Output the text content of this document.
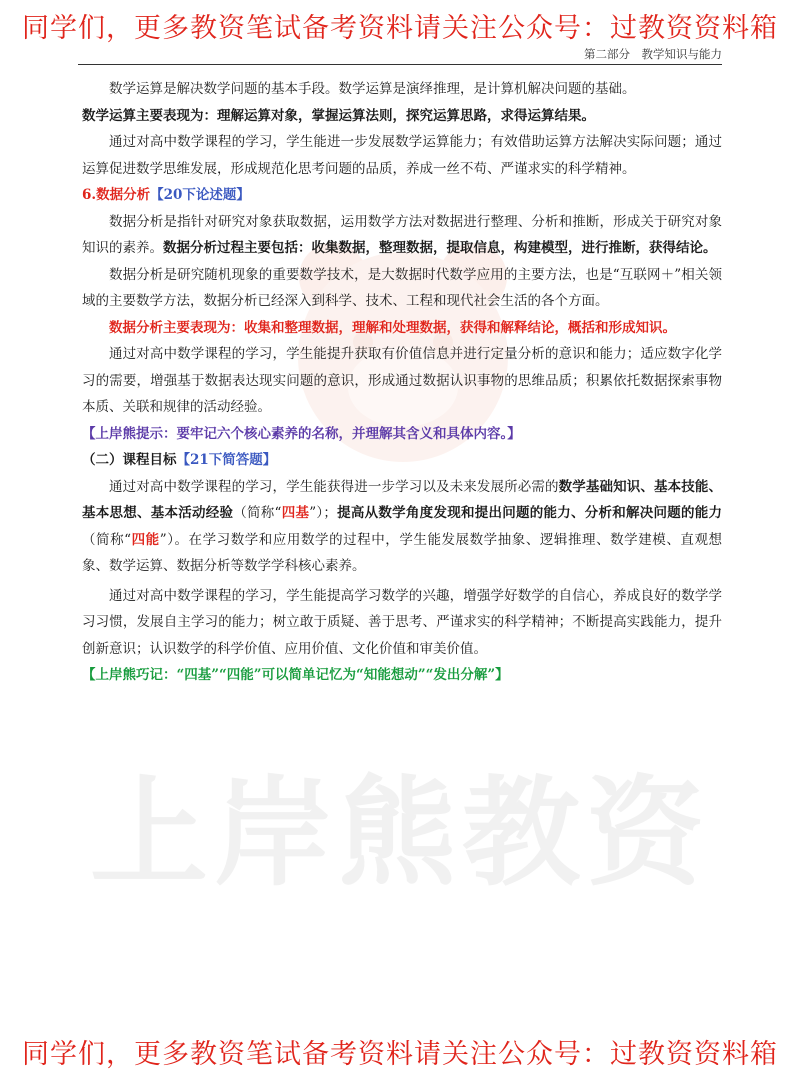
同学们，更多教资笔试备考资料请关注公众号：过教资资料箱
第二部分　教学知识与能力
上岸熊教资

数学运算是解决数学问题的基本手段。数学运算是演绎推理，是计算机解决问题的基础。

数学运算主要表现为：理解运算对象，掌握运算法则，探究运算思路，求得运算结果。

通过对高中数学课程的学习，学生能进一步发展数学运算能力；有效借助运算方法解决实际问题；通过运算促进数学思维发展，形成规范化思考问题的品质，养成一丝不苟、严谨求实的科学精神。

6.数据分析【20下论述题】

数据分析是指针对研究对象获取数据，运用数学方法对数据进行整理、分析和推断，形成关于研究对象知识的素养。数据分析过程主要包括：收集数据，整理数据，提取信息，构建模型，进行推断，获得结论。

数据分析是研究随机现象的重要数学技术，是大数据时代数学应用的主要方法，也是“互联网＋”相关领域的主要数学方法，数据分析已经深入到科学、技术、工程和现代社会生活的各个方面。

数据分析主要表现为：收集和整理数据，理解和处理数据，获得和解释结论，概括和形成知识。

通过对高中数学课程的学习，学生能提升获取有价值信息并进行定量分析的意识和能力；适应数字化学习的需要，增强基于数据表达现实问题的意识，形成通过数据认识事物的思维品质；积累依托数据探索事物本质、关联和规律的活动经验。

【上岸熊提示：要牢记六个核心素养的名称，并理解其含义和具体内容。】

（二）课程目标【21下简答题】

通过对高中数学课程的学习，学生能获得进一步学习以及未来发展所必需的数学基础知识、基本技能、基本思想、基本活动经验（简称“四基”）；提高从数学角度发现和提出问题的能力、分析和解决问题的能力（简称“四能”）。在学习数学和应用数学的过程中，学生能发展数学抽象、逻辑推理、数学建模、直观想象、数学运算、数据分析等数学学科核心素养。

通过对高中数学课程的学习，学生能提高学习数学的兴趣，增强学好数学的自信心，养成良好的数学学习习惯，发展自主学习的能力；树立敢于质疑、善于思考、严谨求实的科学精神；不断提高实践能力，提升创新意识；认识数学的科学价值、应用价值、文化价值和审美价值。

【上岸熊巧记：“四基”“四能”可以简单记忆为“知能想动”“发出分解”】

同学们，更多教资笔试备考资料请关注公众号：过教资资料箱
